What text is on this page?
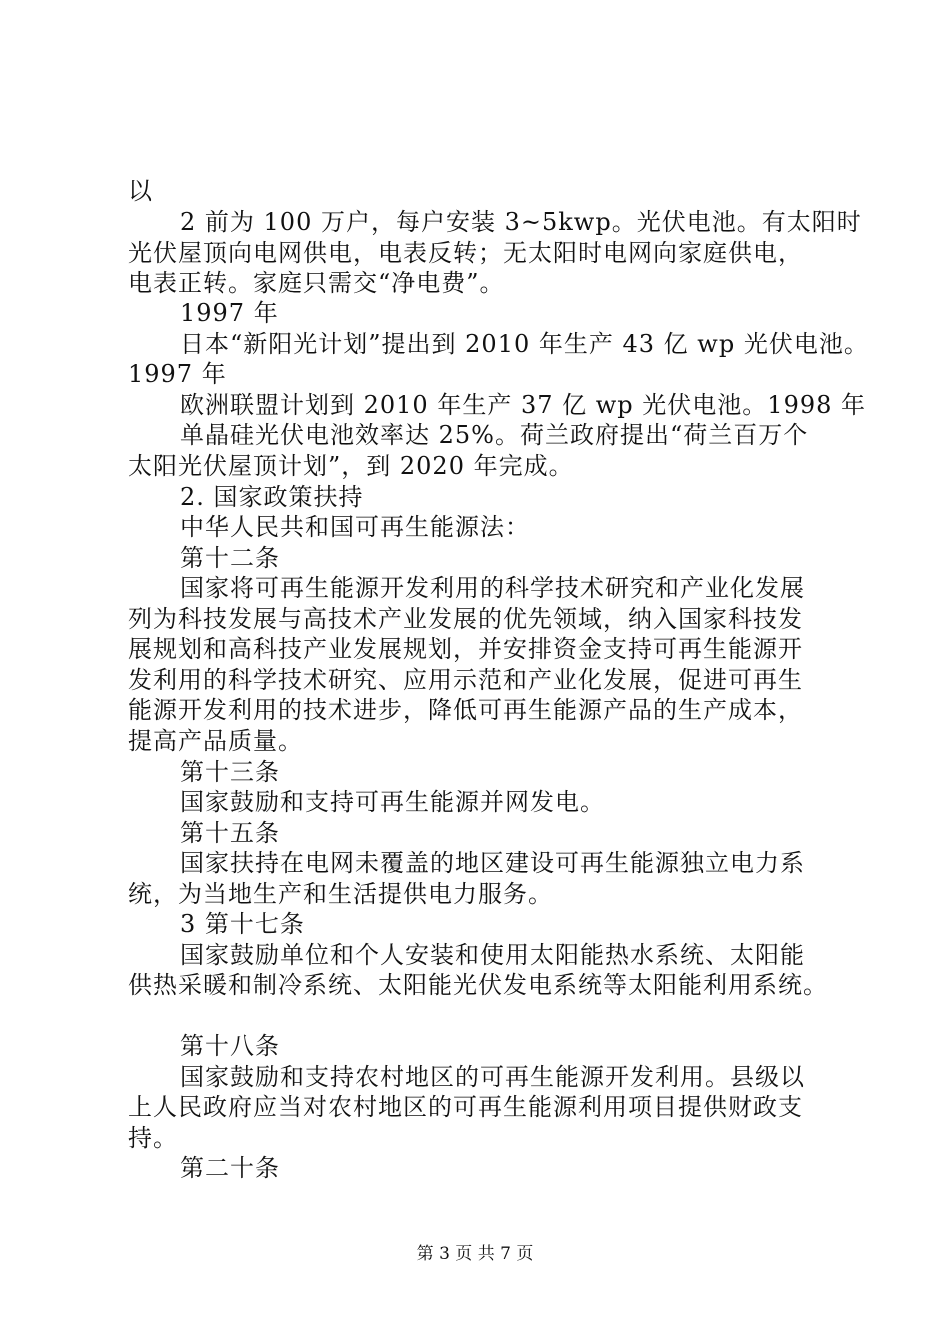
以
2 前为 100 万户，每户安装 3~5kwp。光伏电池。有太阳时
光伏屋顶向电网供电，电表反转；无太阳时电网向家庭供电，
电表正转。家庭只需交“净电费”。
1997 年
日本“新阳光计划”提出到 2010 年生产 43 亿 wp 光伏电池。
1997 年
欧洲联盟计划到 2010 年生产 37 亿 wp 光伏电池。1998 年
单晶硅光伏电池效率达 25%。荷兰政府提出“荷兰百万个
太阳光伏屋顶计划”，到 2020 年完成。
2. 国家政策扶持
中华人民共和国可再生能源法：
第十二条
国家将可再生能源开发利用的科学技术研究和产业化发展
列为科技发展与高技术产业发展的优先领域，纳入国家科技发
展规划和高科技产业发展规划，并安排资金支持可再生能源开
发利用的科学技术研究、应用示范和产业化发展，促进可再生
能源开发利用的技术进步，降低可再生能源产品的生产成本，
提高产品质量。
第十三条
国家鼓励和支持可再生能源并网发电。
第十五条
国家扶持在电网未覆盖的地区建设可再生能源独立电力系
统，为当地生产和生活提供电力服务。
3 第十七条
国家鼓励单位和个人安装和使用太阳能热水系统、太阳能
供热采暖和制冷系统、太阳能光伏发电系统等太阳能利用系统。
第十八条
国家鼓励和支持农村地区的可再生能源开发利用。县级以
上人民政府应当对农村地区的可再生能源利用项目提供财政支
持。
第二十条
第 3 页 共 7 页
